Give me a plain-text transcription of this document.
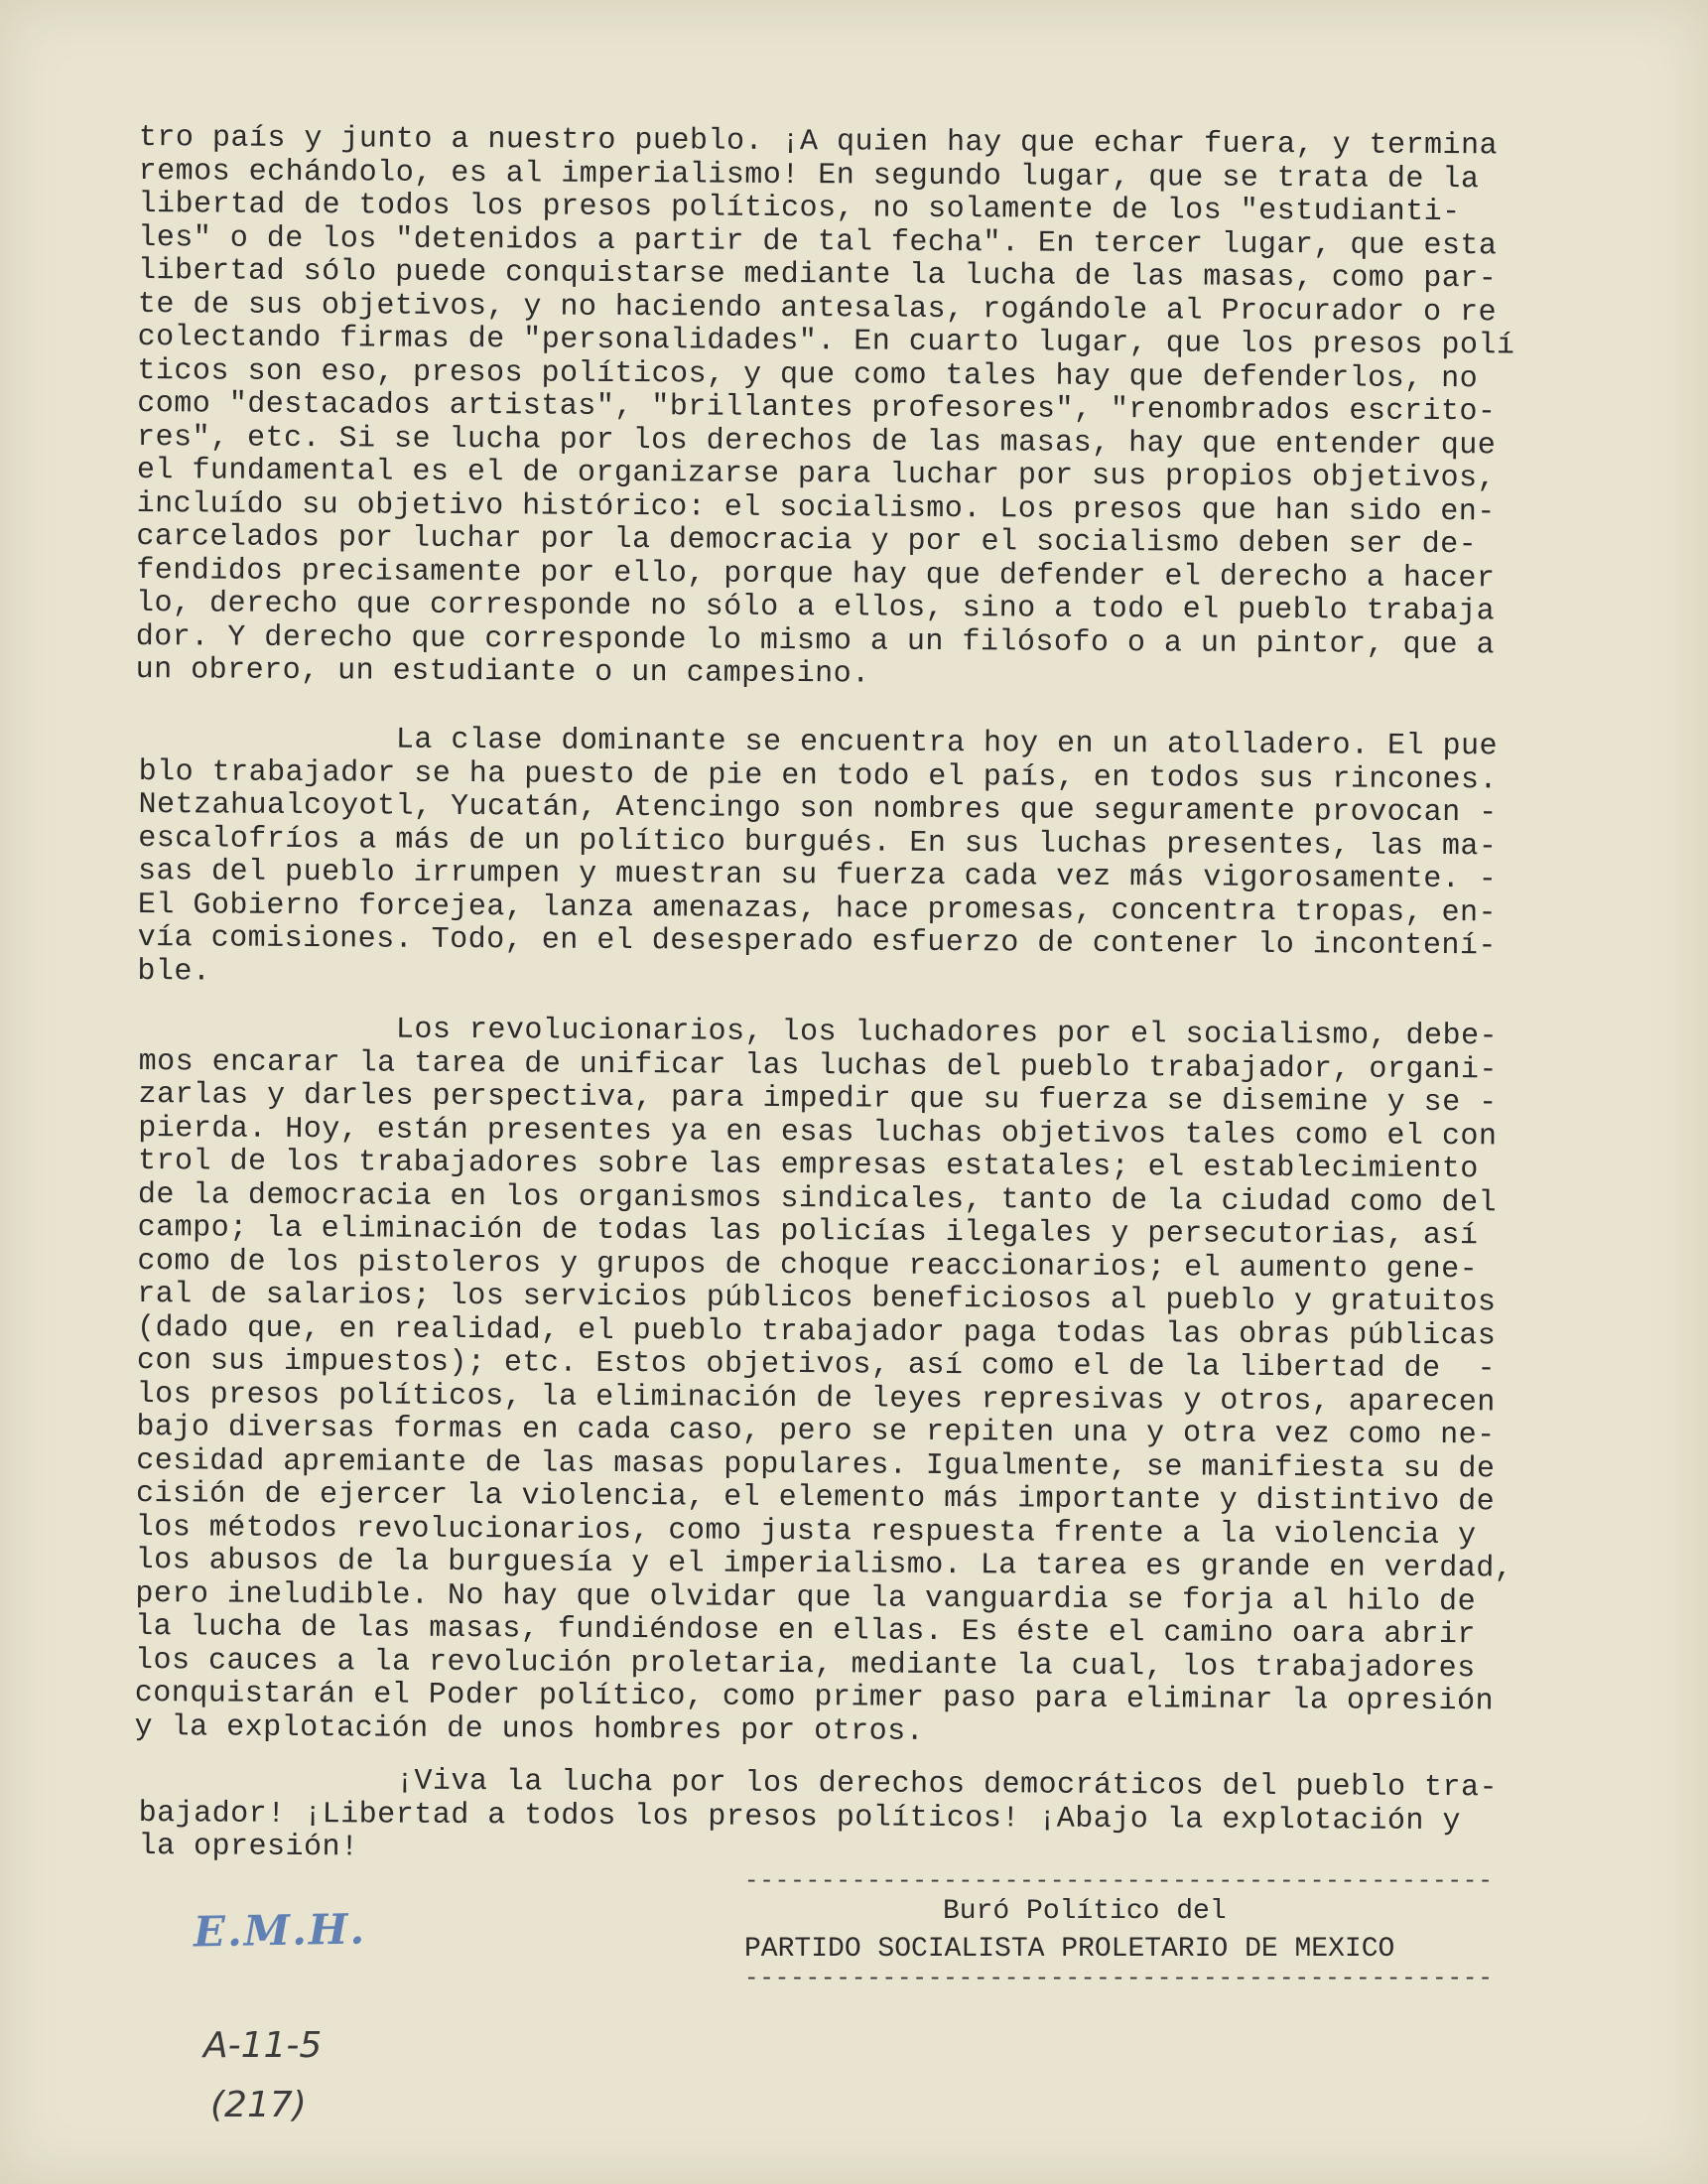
tro país y junto a nuestro pueblo. ¡A quien hay que echar fuera, y termina
remos echándolo, es al imperialismo! En segundo lugar, que se trata de la
libertad de todos los presos políticos, no solamente de los "estudianti-
les" o de los "detenidos a partir de tal fecha". En tercer lugar, que esta
libertad sólo puede conquistarse mediante la lucha de las masas, como par-
te de sus objetivos, y no haciendo antesalas, rogándole al Procurador o re
colectando firmas de "personalidades". En cuarto lugar, que los presos polí
ticos son eso, presos políticos, y que como tales hay que defenderlos, no
como "destacados artistas", "brillantes profesores", "renombrados escrito-
res", etc. Si se lucha por los derechos de las masas, hay que entender que
el fundamental es el de organizarse para luchar por sus propios objetivos,
incluído su objetivo histórico: el socialismo. Los presos que han sido en-
carcelados por luchar por la democracia y por el socialismo deben ser de-
fendidos precisamente por ello, porque hay que defender el derecho a hacer
lo, derecho que corresponde no sólo a ellos, sino a todo el pueblo trabaja
dor. Y derecho que corresponde lo mismo a un filósofo o a un pintor, que a
un obrero, un estudiante o un campesino.
La clase dominante se encuentra hoy en un atolladero. El pue
blo trabajador se ha puesto de pie en todo el país, en todos sus rincones.
Netzahualcoyotl, Yucatán, Atencingo son nombres que seguramente provocan -
escalofríos a más de un político burgués. En sus luchas presentes, las ma-
sas del pueblo irrumpen y muestran su fuerza cada vez más vigorosamente. -
El Gobierno forcejea, lanza amenazas, hace promesas, concentra tropas, en-
vía comisiones. Todo, en el desesperado esfuerzo de contener lo incontení-
ble.
Los revolucionarios, los luchadores por el socialismo, debe-
mos encarar la tarea de unificar las luchas del pueblo trabajador, organi-
zarlas y darles perspectiva, para impedir que su fuerza se disemine y se -
pierda. Hoy, están presentes ya en esas luchas objetivos tales como el con
trol de los trabajadores sobre las empresas estatales; el establecimiento
de la democracia en los organismos sindicales, tanto de la ciudad como del
campo; la eliminación de todas las policías ilegales y persecutorias, así
como de los pistoleros y grupos de choque reaccionarios; el aumento gene-
ral de salarios; los servicios públicos beneficiosos al pueblo y gratuitos
(dado que, en realidad, el pueblo trabajador paga todas las obras públicas
con sus impuestos); etc. Estos objetivos, así como el de la libertad de  -
los presos políticos, la eliminación de leyes represivas y otros, aparecen
bajo diversas formas en cada caso, pero se repiten una y otra vez como ne-
cesidad apremiante de las masas populares. Igualmente, se manifiesta su de
cisión de ejercer la violencia, el elemento más importante y distintivo de
los métodos revolucionarios, como justa respuesta frente a la violencia y
los abusos de la burguesía y el imperialismo. La tarea es grande en verdad,
pero ineludible. No hay que olvidar que la vanguardia se forja al hilo de
la lucha de las masas, fundiéndose en ellas. Es éste el camino oara abrir
los cauces a la revolución proletaria, mediante la cual, los trabajadores
conquistarán el Poder político, como primer paso para eliminar la opresión
y la explotación de unos hombres por otros.
¡Viva la lucha por los derechos democráticos del pueblo tra-
bajador! ¡Libertad a todos los presos políticos! ¡Abajo la explotación y
la opresión!
E.M.H.
-------------------------------------------------
Buró Político del
PARTIDO SOCIALISTA PROLETARIO DE MEXICO
-------------------------------------------------
A-11-5
(217)
